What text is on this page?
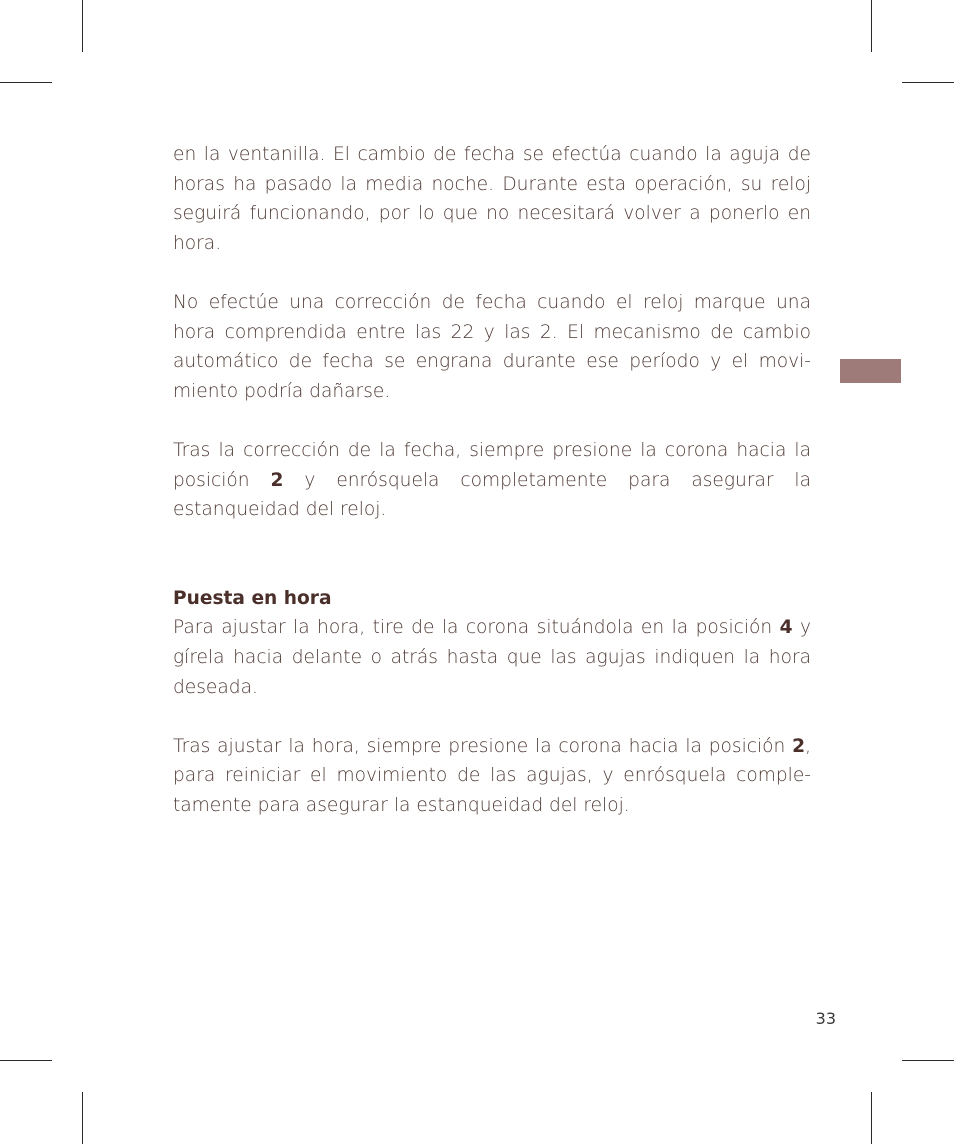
en la ventanilla. El cambio de fecha se efectúa cuando la aguja de horas ha pasado la media noche. Durante esta operación, su reloj seguirá funcionando, por lo que no necesitará volver a ponerlo en hora.

No efectúe una corrección de fecha cuando el reloj marque una hora comprendida entre las 22 y las 2. El mecanismo de cambio automático de fecha se engrana durante ese período y el movi-miento podría dañarse.

Tras la corrección de la fecha, siempre presione la corona hacia la posición 2 y enrósquela completamente para asegurar la estanqueidad del reloj.

Puesta en hora

Para ajustar la hora, tire de la corona situándola en la posición 4 y gírela hacia delante o atrás hasta que las agujas indiquen la hora deseada.

Tras ajustar la hora, siempre presione la corona hacia la posición 2, para reiniciar el movimiento de las agujas, y enrósquela comple-tamente para asegurar la estanqueidad del reloj.

33
